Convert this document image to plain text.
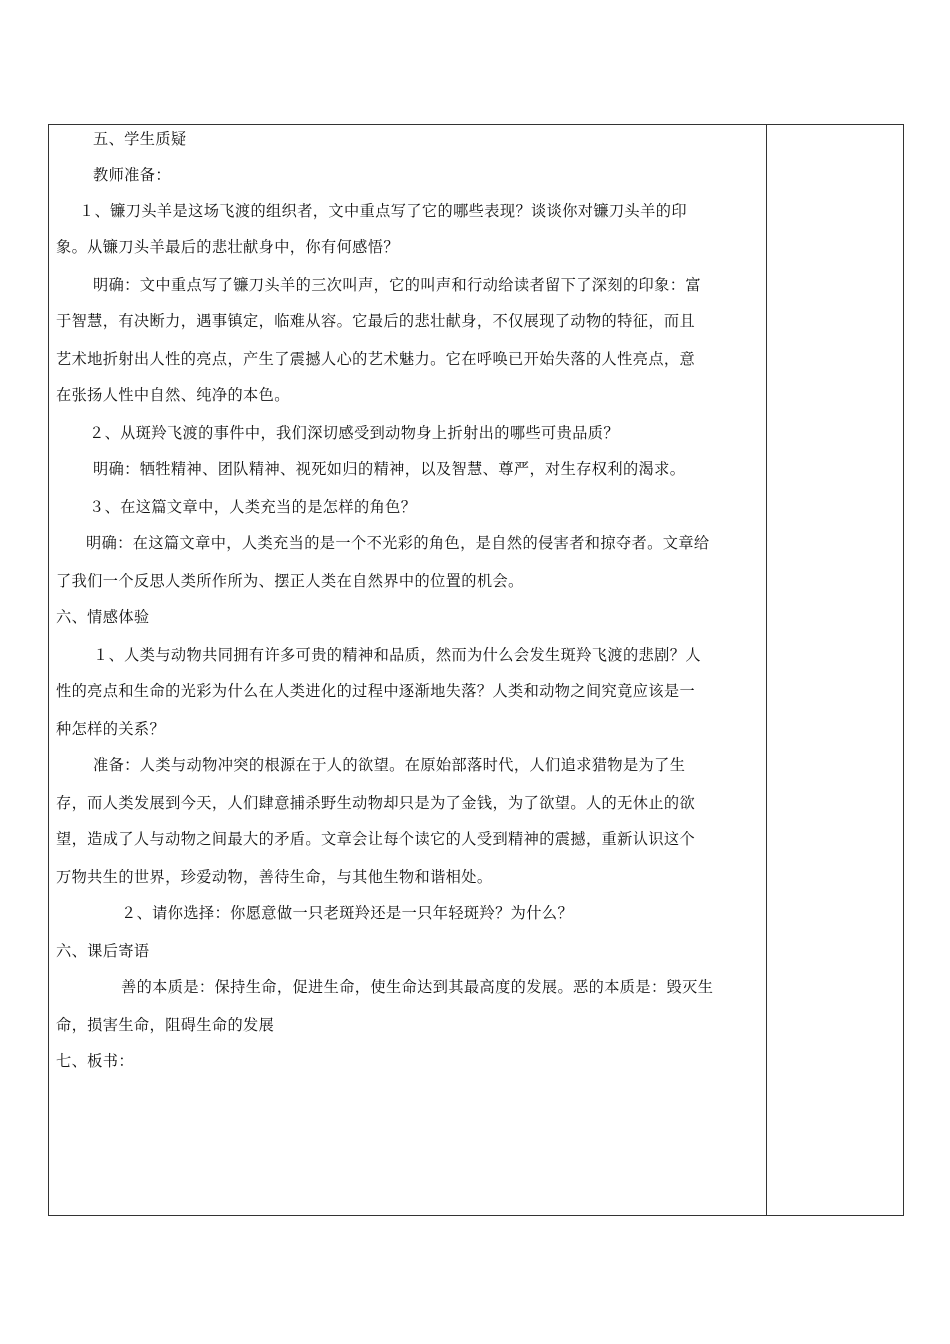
五、学生质疑
教师准备：
１、镰刀头羊是这场飞渡的组织者，文中重点写了它的哪些表现？谈谈你对镰刀头羊的印
象。从镰刀头羊最后的悲壮献身中，你有何感悟？
明确：文中重点写了镰刀头羊的三次叫声，它的叫声和行动给读者留下了深刻的印象：富
于智慧，有决断力，遇事镇定，临难从容。它最后的悲壮献身，不仅展现了动物的特征，而且
艺术地折射出人性的亮点，产生了震撼人心的艺术魅力。它在呼唤已开始失落的人性亮点，意
在张扬人性中自然、纯净的本色。
２、从斑羚飞渡的事件中，我们深切感受到动物身上折射出的哪些可贵品质？
明确：牺牲精神、团队精神、视死如归的精神，以及智慧、尊严，对生存权利的渴求。
３、在这篇文章中，人类充当的是怎样的角色？
明确：在这篇文章中，人类充当的是一个不光彩的角色，是自然的侵害者和掠夺者。文章给
了我们一个反思人类所作所为、摆正人类在自然界中的位置的机会。
六、情感体验
１、人类与动物共同拥有许多可贵的精神和品质，然而为什么会发生斑羚飞渡的悲剧？人
性的亮点和生命的光彩为什么在人类进化的过程中逐渐地失落？人类和动物之间究竟应该是一
种怎样的关系？
准备：人类与动物冲突的根源在于人的欲望。在原始部落时代，人们追求猎物是为了生
存，而人类发展到今天，人们肆意捕杀野生动物却只是为了金钱，为了欲望。人的无休止的欲
望，造成了人与动物之间最大的矛盾。文章会让每个读它的人受到精神的震撼，重新认识这个
万物共生的世界，珍爱动物，善待生命，与其他生物和谐相处。
２、请你选择：你愿意做一只老斑羚还是一只年轻斑羚？为什么？
六、课后寄语
善的本质是：保持生命，促进生命，使生命达到其最高度的发展。恶的本质是：毁灭生
命，损害生命，阻碍生命的发展
七、板书：
